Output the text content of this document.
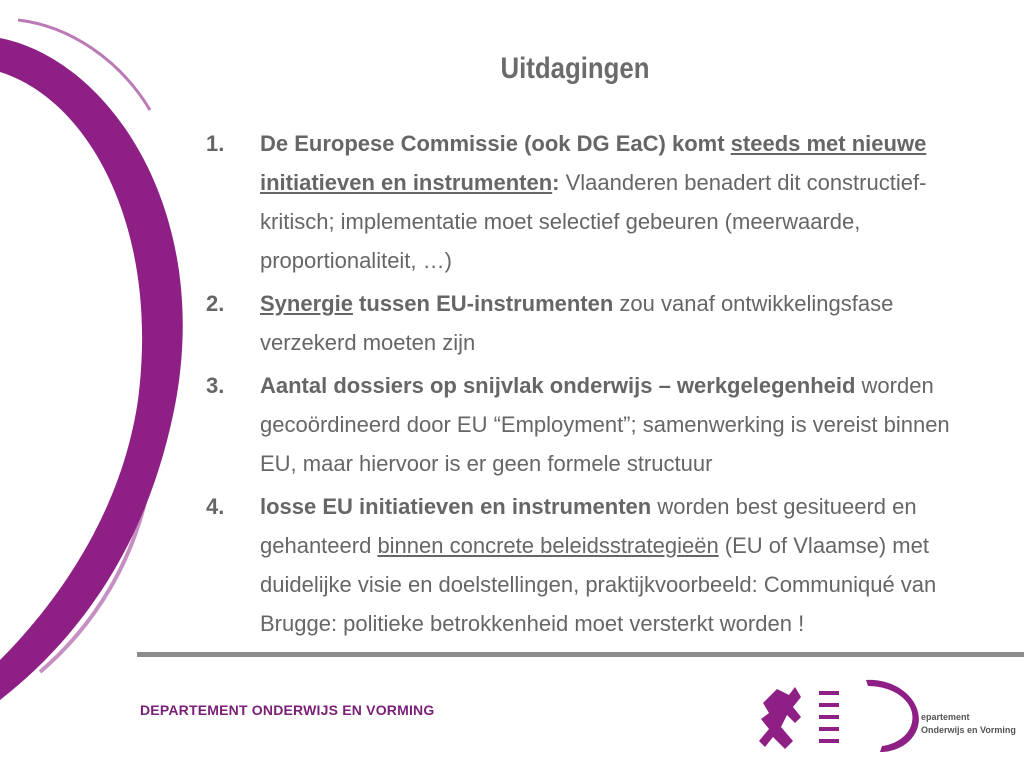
Uitdagingen
1.	De Europese Commissie (ook DG EaC) komt steeds met nieuwe initiatieven en instrumenten: Vlaanderen benadert dit constructief-kritisch; implementatie moet selectief gebeuren (meerwaarde, proportionaliteit, …)
2.	Synergie tussen EU-instrumenten zou vanaf ontwikkelingsfase verzekerd moeten zijn
3.	Aantal dossiers op snijvlak onderwijs – werkgelegenheid worden gecoördineerd door EU “Employment”; samenwerking is vereist binnen EU, maar hiervoor is er geen formele structuur
4.	losse EU initiatieven en instrumenten worden best gesitueerd en gehanteerd binnen concrete beleidsstrategieën (EU of Vlaamse) met duidelijke visie en doelstellingen, praktijkvoorbeeld: Communiqué van Brugge: politieke betrokkenheid moet versterkt worden !
DEPARTEMENT ONDERWIJS EN VORMING	epartement
Onderwijs en Vorming
